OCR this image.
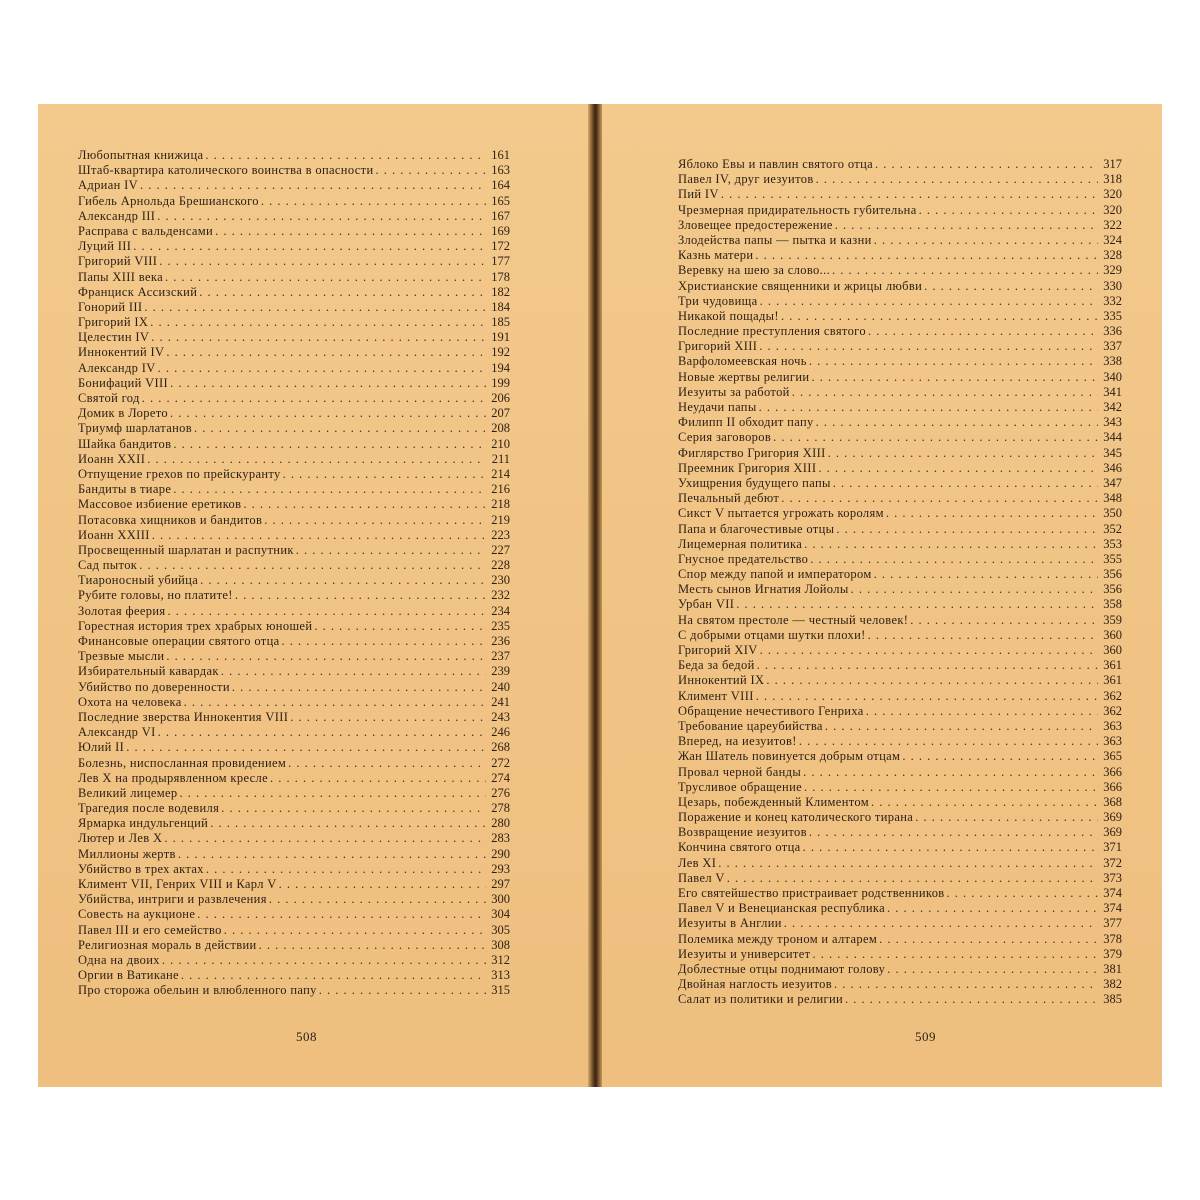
Любопытная книжица . . .	161
Штаб-квартира католического воинства в опасности . . .	163
Адриан IV . . .	164
Гибель Арнольда Брешианского . . .	165
Александр III . . .	167
Расправа с вальденсами . . .	169
Луций III . . .	172
Григорий VIII . . .	177
Папы XIII века . . .	178
Франциск Ассизский . . .	182
Гонорий III . . .	184
Григорий IX . . .	185
Целестин IV . . .	191
Иннокентий IV . . .	192
Александр IV . . .	194
Бонифаций VIII . . .	199
Святой год . . .	206
Домик в Лорето . . .	207
Триумф шарлатанов . . .	208
Шайка бандитов . . .	210
Иоанн XXII . . .	211
Отпущение грехов по прейскуранту . . .	214
Бандиты в тиаре . . .	216
Массовое избиение еретиков . . .	218
Потасовка хищников и бандитов . . .	219
Иоанн XXIII . . .	223
Просвещенный шарлатан и распутник . . .	227
Сад пыток . . .	228
Тиароносный убийца . . .	230
Рубите головы, но платите! . . .	232
Золотая феерия . . .	234
Горестная история трех храбрых юношей . . .	235
Финансовые операции святого отца . . .	236
Трезвые мысли . . .	237
Избирательный кавардак . . .	239
Убийство по доверенности . . .	240
Охота на человека . . .	241
Последние зверства Иннокентия VIII . . .	243
Александр VI . . .	246
Юлий II . . .	268
Болезнь, ниспосланная провидением . . .	272
Лев X на продырявленном кресле . . .	274
Великий лицемер . . .	276
Трагедия после водевиля . . .	278
Ярмарка индульгенций . . .	280
Лютер и Лев X . . .	283
Миллионы жертв . . .	290
Убийство в трех актах . . .	293
Климент VII, Генрих VIII и Карл V . . .	297
Убийства, интриги и развлечения . . .	300
Совесть на аукционе . . .	304
Павел III и его семейство . . .	305
Религиозная мораль в действии . . .	308
Одна на двоих . . .	312
Оргии в Ватикане . . .	313
Про сторожа обельин и влюбленного папу . . .	315
508
Яблоко Евы и павлин святого отца . . .	317
Павел IV, друг иезуитов . . .	318
Пий IV . . .	320
Чрезмерная придирательность губительна . . .	320
Зловещее предостережение . . .	322
Злодейства папы — пытка и казни . . .	324
Казнь матери . . .	328
Веревку на шею за слово... . . .	329
Христианские священники и жрицы любви . . .	330
Три чудовища . . .	332
Никакой пощады! . . .	335
Последние преступления святого . . .	336
Григорий XIII . . .	337
Варфоломеевская ночь . . .	338
Новые жертвы религии . . .	340
Иезуиты за работой . . .	341
Неудачи папы . . .	342
Филипп II обходит папу . . .	343
Серия заговоров . . .	344
Фиглярство Григория XIII . . .	345
Преемник Григория XIII . . .	346
Ухищрения будущего папы . . .	347
Печальный дебют . . .	348
Сикст V пытается угрожать королям . . .	350
Папа и благочестивые отцы . . .	352
Лицемерная политика . . .	353
Гнусное предательство . . .	355
Спор между папой и императором . . .	356
Месть сынов Игнатия Лойолы . . .	356
Урбан VII . . .	358
На святом престоле — честный человек! . . .	359
С добрыми отцами шутки плохи! . . .	360
Григорий XIV . . .	360
Беда за бедой . . .	361
Иннокентий IX . . .	361
Климент VIII . . .	362
Обращение нечестивого Генриха . . .	362
Требование цареубийства . . .	363
Вперед, на иезуитов! . . .	363
Жан Шатель повинуется добрым отцам . . .	365
Провал черной банды . . .	366
Трусливое обращение . . .	366
Цезарь, побежденный Климентом . . .	368
Поражение и конец католического тирана . . .	369
Возвращение иезуитов . . .	369
Кончина святого отца . . .	371
Лев XI . . .	372
Павел V . . .	373
Его святейшество пристраивает родственников . . .	374
Павел V и Венецианская республика . . .	374
Иезуиты в Англии . . .	377
Полемика между троном и алтарем . . .	378
Иезуиты и университет . . .	379
Доблестные отцы поднимают голову . . .	381
Двойная наглость иезуитов . . .	382
Салат из политики и религии . . .	385
509
